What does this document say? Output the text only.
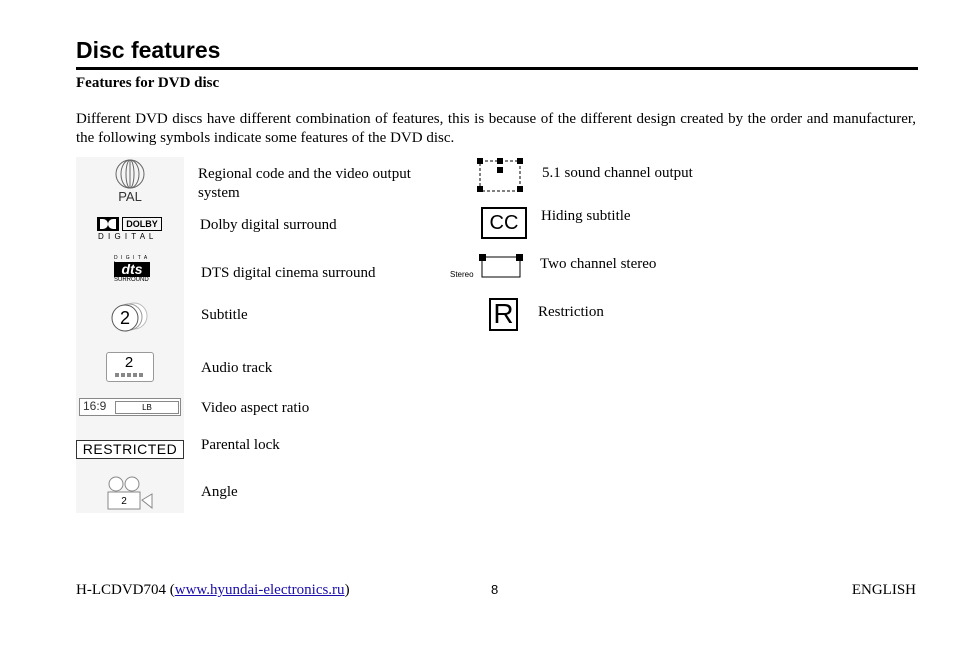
Disc features
Features for DVD disc
Different DVD discs have different combination of features, this is because of the different design created by the order and manufacturer, the following symbols indicate some features of the DVD disc.
PAL
Regional code and the video output system
DOLBY
D I G I T A L
Dolby digital surround
D I G I T A
dts
SURROUND	DTS digital cinema surround
2	Subtitle
2	Audio track
16:9	LB	Video aspect ratio
RESTRICTED	Parental lock
2
Angle
5.1 sound channel output
CC	Hiding subtitle
Stereo
Two channel stereo
R Restriction
H-LCDVD704 (www.hyundai-electronics.ru)	8	ENGLISH
